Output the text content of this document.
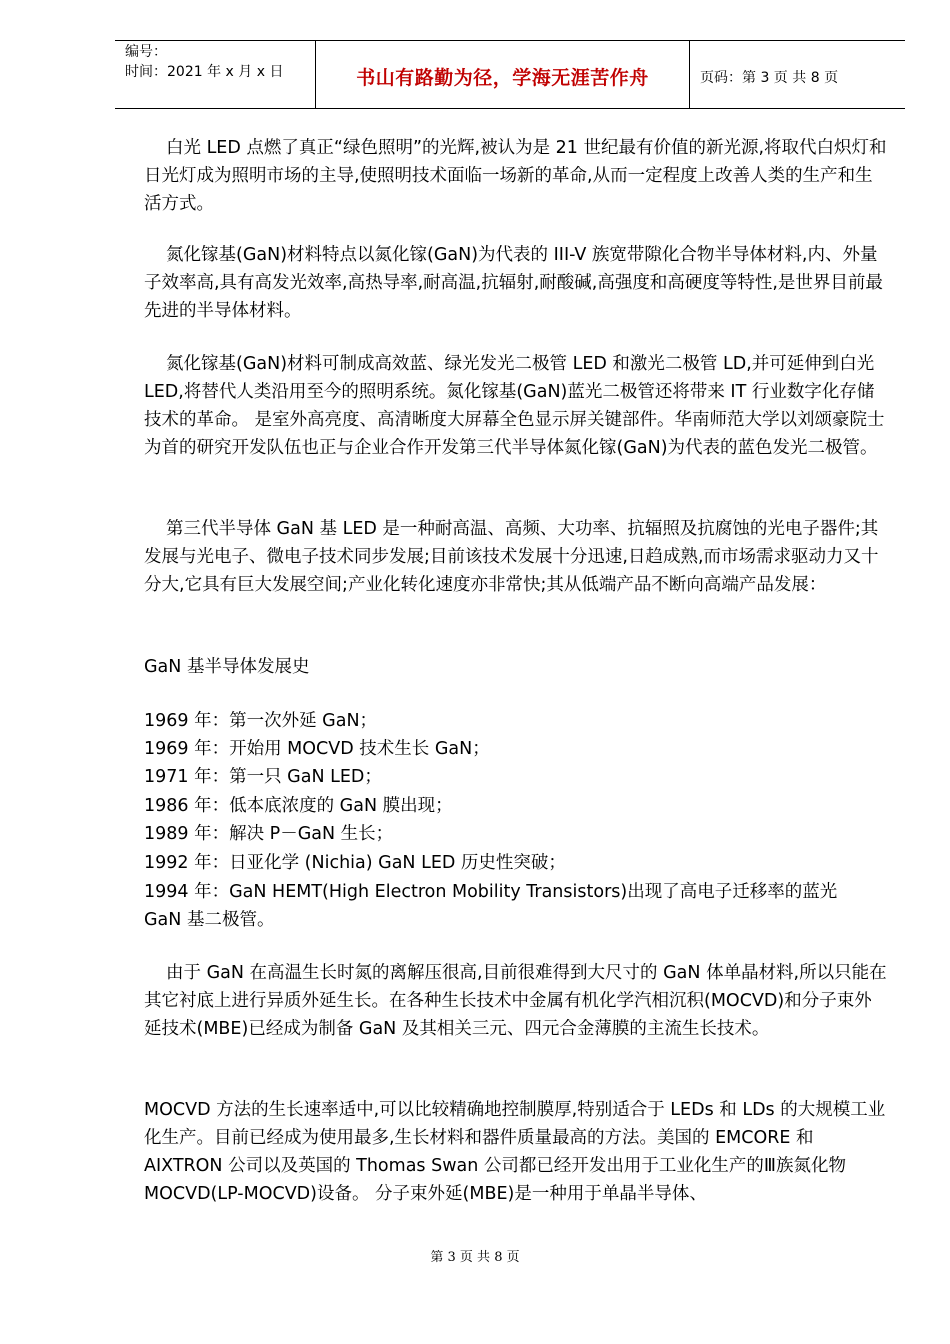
编号：
时间：2021 年 x 月 x 日	书山有路勤为径，学海无涯苦作舟	页码：第 3 页 共 8 页

白光 LED 点燃了真正“绿色照明”的光辉,被认为是 21 世纪最有价值的新光源,将取代白炽灯和日光灯成为照明市场的主导,使照明技术面临一场新的革命,从而一定程度上改善人类的生产和生活方式。

氮化镓基(GaN)材料特点以氮化镓(GaN)为代表的 III-V 族宽带隙化合物半导体材料,内、外量子效率高,具有高发光效率,高热导率,耐高温,抗辐射,耐酸碱,高强度和高硬度等特性,是世界目前最先进的半导体材料。

氮化镓基(GaN)材料可制成高效蓝、绿光发光二极管 LED 和激光二极管 LD,并可延伸到白光 LED,将替代人类沿用至今的照明系统。氮化镓基(GaN)蓝光二极管还将带来 IT 行业数字化存储技术的革命。 是室外高亮度、高清晰度大屏幕全色显示屏关键部件。华南师范大学以刘颂豪院士为首的研究开发队伍也正与企业合作开发第三代半导体氮化镓(GaN)为代表的蓝色发光二极管。

第三代半导体 GaN 基 LED 是一种耐高温、高频、大功率、抗辐照及抗腐蚀的光电子器件;其发展与光电子、微电子技术同步发展;目前该技术发展十分迅速,日趋成熟,而市场需求驱动力又十分大,它具有巨大发展空间;产业化转化速度亦非常快;其从低端产品不断向高端产品发展：

GaN 基半导体发展史

1969 年：第一次外延 GaN；

1969 年：开始用 MOCVD 技术生长 GaN；

1971 年：第一只 GaN LED；

1986 年：低本底浓度的 GaN 膜出现；

1989 年：解决 P－GaN 生长；

1992 年：日亚化学 (Nichia) GaN LED 历史性突破；

1994 年：GaN HEMT(High Electron Mobility Transistors)出现了高电子迁移率的蓝光

GaN 基二极管。

由于 GaN 在高温生长时氮的离解压很高,目前很难得到大尺寸的 GaN 体单晶材料,所以只能在其它衬底上进行异质外延生长。在各种生长技术中金属有机化学汽相沉积(MOCVD)和分子束外延技术(MBE)已经成为制备 GaN 及其相关三元、四元合金薄膜的主流生长技术。

MOCVD 方法的生长速率适中,可以比较精确地控制膜厚,特别适合于 LEDs 和 LDs 的大规模工业化生产。目前已经成为使用最多,生长材料和器件质量最高的方法。美国的 EMCORE 和 AIXTRON 公司以及英国的 Thomas Swan 公司都已经开发出用于工业化生产的Ⅲ族氮化物 MOCVD(LP-MOCVD)设备。 分子束外延(MBE)是一种用于单晶半导体、

第 3 页 共 8 页
